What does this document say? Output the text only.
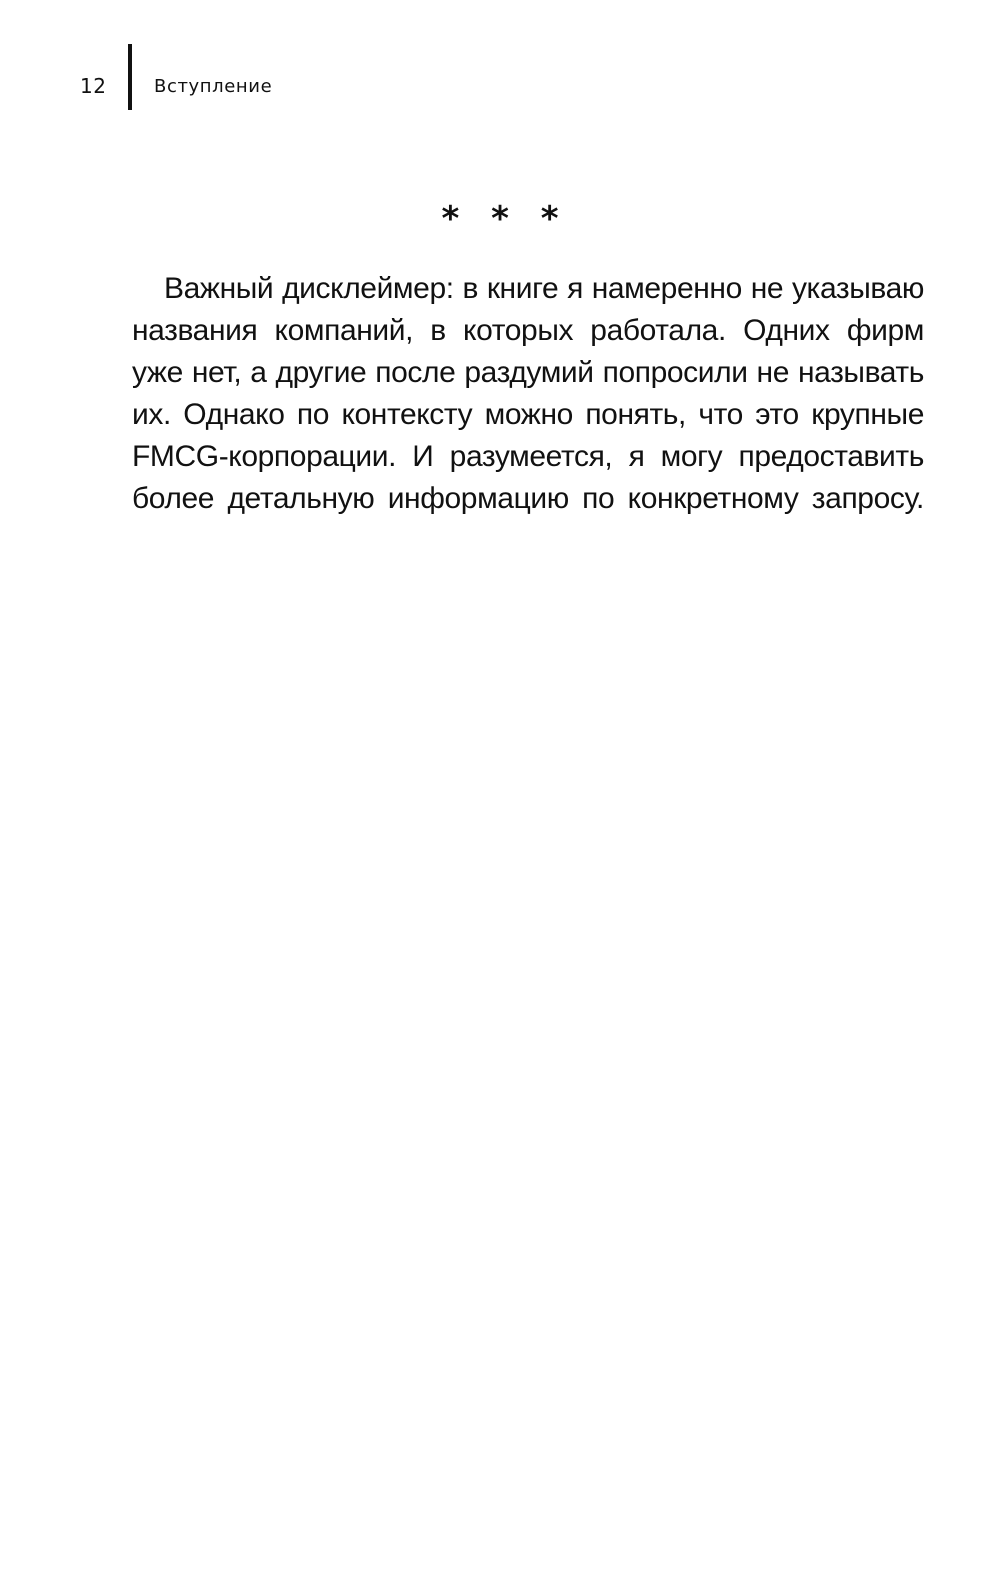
12	Вступление
* * *
Важный дисклеймер: в книге я намеренно не указываю
названия компаний, в которых работала. Одних фирм
уже нет, а другие после раздумий попросили не называть
их. Однако по контексту можно понять, что это крупные
FMCG-корпорации. И разумеется, я могу предоставить
более детальную информацию по конкретному запросу.
